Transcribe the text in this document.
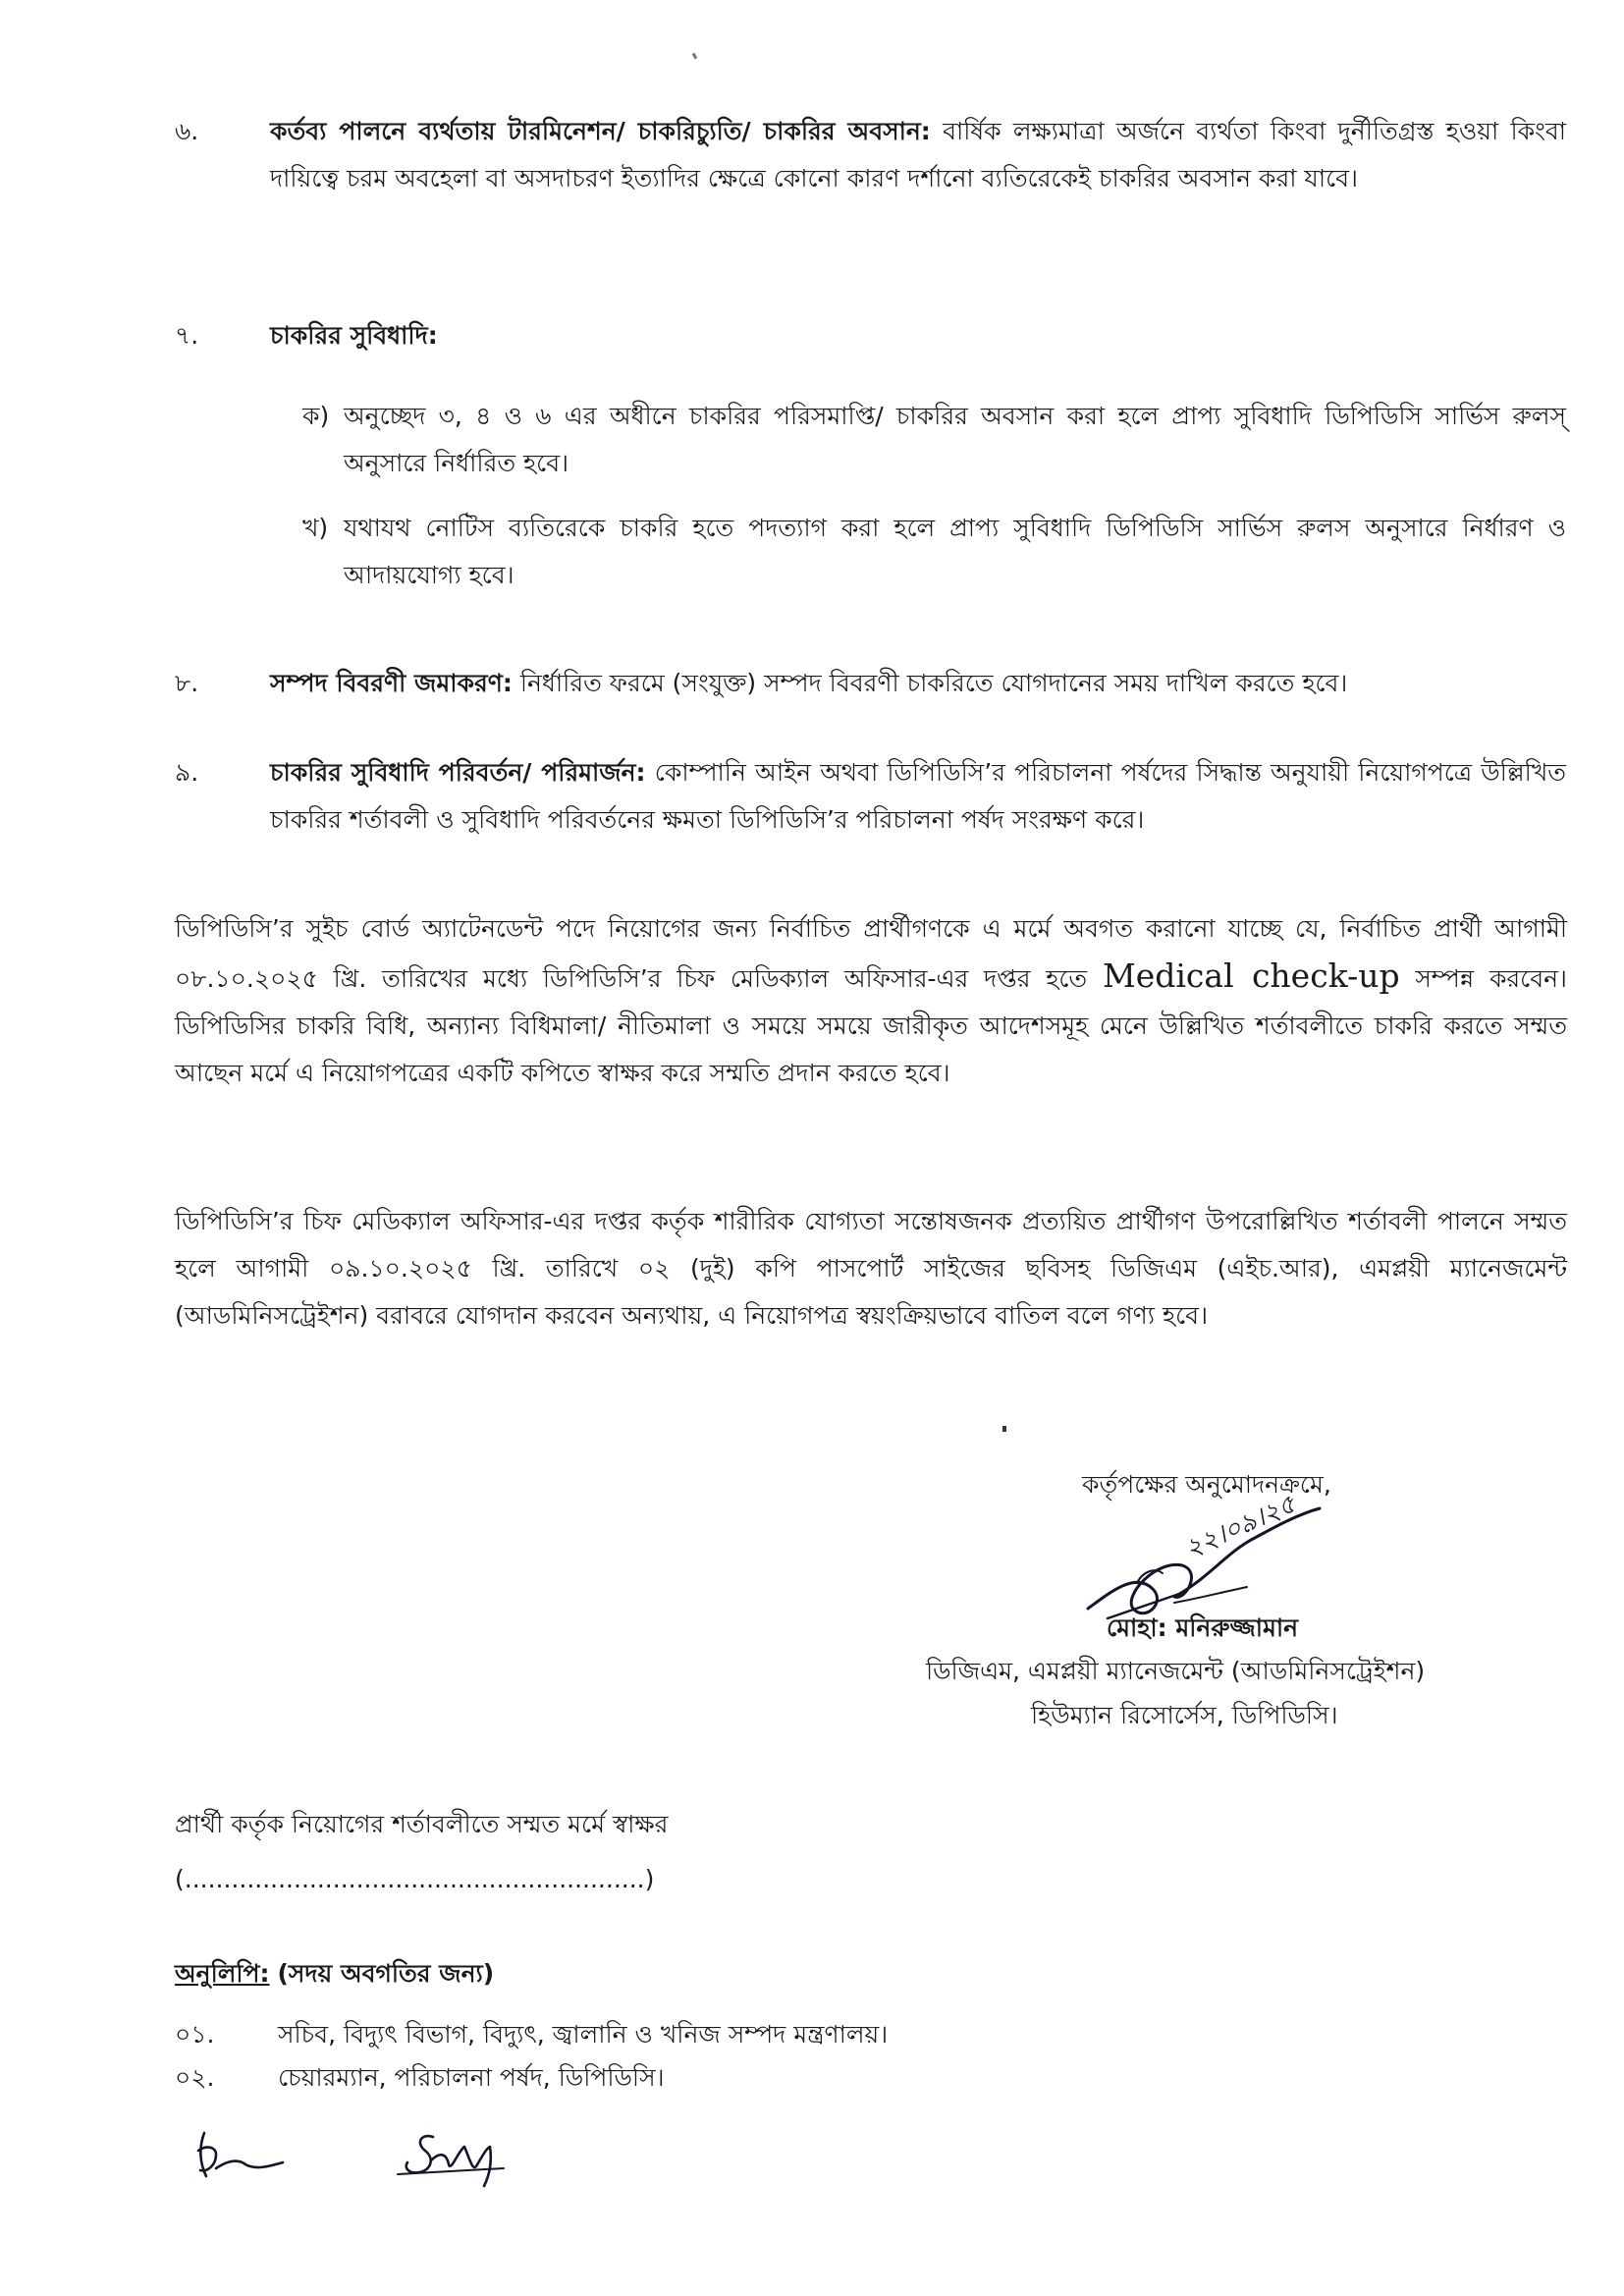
৬.	কর্তব্য পালনে ব্যর্থতায় টারমিনেশন/ চাকরিচ্যুতি/ চাকরির অবসান: বার্ষিক লক্ষ্যমাত্রা অর্জনে ব্যর্থতা কিংবা দুর্নীতিগ্রস্ত হওয়া কিংবা দায়িত্বে চরম অবহেলা বা অসদাচরণ ইত্যাদির ক্ষেত্রে কোনো কারণ দর্শানো ব্যতিরেকেই চাকরির অবসান করা যাবে।
৭.	চাকরির সুবিধাদি:
ক) অনুচ্ছেদ ৩, ৪ ও ৬ এর অধীনে চাকরির পরিসমাপ্তি/ চাকরির অবসান করা হলে প্রাপ্য সুবিধাদি ডিপিডিসি সার্ভিস রুলস্ অনুসারে নির্ধারিত হবে।
খ) যথাযথ নোটিস ব্যতিরেকে চাকরি হতে পদত্যাগ করা হলে প্রাপ্য সুবিধাদি ডিপিডিসি সার্ভিস রুলস অনুসারে নির্ধারণ ও আদায়যোগ্য হবে।
৮.	সম্পদ বিবরণী জমাকরণ: নির্ধারিত ফরমে (সংযুক্ত) সম্পদ বিবরণী চাকরিতে যোগদানের সময় দাখিল করতে হবে।
৯.	চাকরির সুবিধাদি পরিবর্তন/ পরিমার্জন: কোম্পানি আইন অথবা ডিপিডিসি’র পরিচালনা পর্ষদের সিদ্ধান্ত অনুযায়ী নিয়োগপত্রে উল্লিখিত চাকরির শর্তাবলী ও সুবিধাদি পরিবর্তনের ক্ষমতা ডিপিডিসি’র পরিচালনা পর্ষদ সংরক্ষণ করে।
ডিপিডিসি’র সুইচ বোর্ড অ্যাটেনডেন্ট পদে নিয়োগের জন্য নির্বাচিত প্রার্থীগণকে এ মর্মে অবগত করানো যাচ্ছে যে, নির্বাচিত প্রার্থী আগামী ০৮.১০.২০২৫ খ্রি. তারিখের মধ্যে ডিপিডিসি’র চিফ মেডিক্যাল অফিসার-এর দপ্তর হতে Medical check-up সম্পন্ন করবেন। ডিপিডিসির চাকরি বিধি, অন্যান্য বিধিমালা/ নীতিমালা ও সময়ে সময়ে জারীকৃত আদেশসমূহ মেনে উল্লিখিত শর্তাবলীতে চাকরি করতে সম্মত আছেন মর্মে এ নিয়োগপত্রের একটি কপিতে স্বাক্ষর করে সম্মতি প্রদান করতে হবে।
ডিপিডিসি’র চিফ মেডিক্যাল অফিসার-এর দপ্তর কর্তৃক শারীরিক যোগ্যতা সন্তোষজনক প্রত্যয়িত প্রার্থীগণ উপরোল্লিখিত শর্তাবলী পালনে সম্মত হলে আগামী ০৯.১০.২০২৫ খ্রি. তারিখে ০২ (দুই) কপি পাসপোর্ট সাইজের ছবিসহ ডিজিএম (এইচ.আর), এমপ্লয়ী ম্যানেজমেন্ট (আডমিনিসট্রেইশন) বরাবরে যোগদান করবেন অন্যথায়, এ নিয়োগপত্র স্বয়ংক্রিয়ভাবে বাতিল বলে গণ্য হবে।
কর্তৃপক্ষের অনুমোদনক্রমে,
২২।০৯।২৫
মোহা: মনিরুজ্জামান
ডিজিএম, এমপ্লয়ী ম্যানেজমেন্ট (আডমিনিসট্রেইশন)
হিউম্যান রিসোর্সেস, ডিপিডিসি।
প্রার্থী কর্তৃক নিয়োগের শর্তাবলীতে সম্মত মর্মে স্বাক্ষর
(...........................................................)
অনুলিপি: (সদয় অবগতির জন্য)
০১.	সচিব, বিদ্যুৎ বিভাগ, বিদ্যুৎ, জ্বালানি ও খনিজ সম্পদ মন্ত্রণালয়।
০২.	চেয়ারম্যান, পরিচালনা পর্ষদ, ডিপিডিসি।
